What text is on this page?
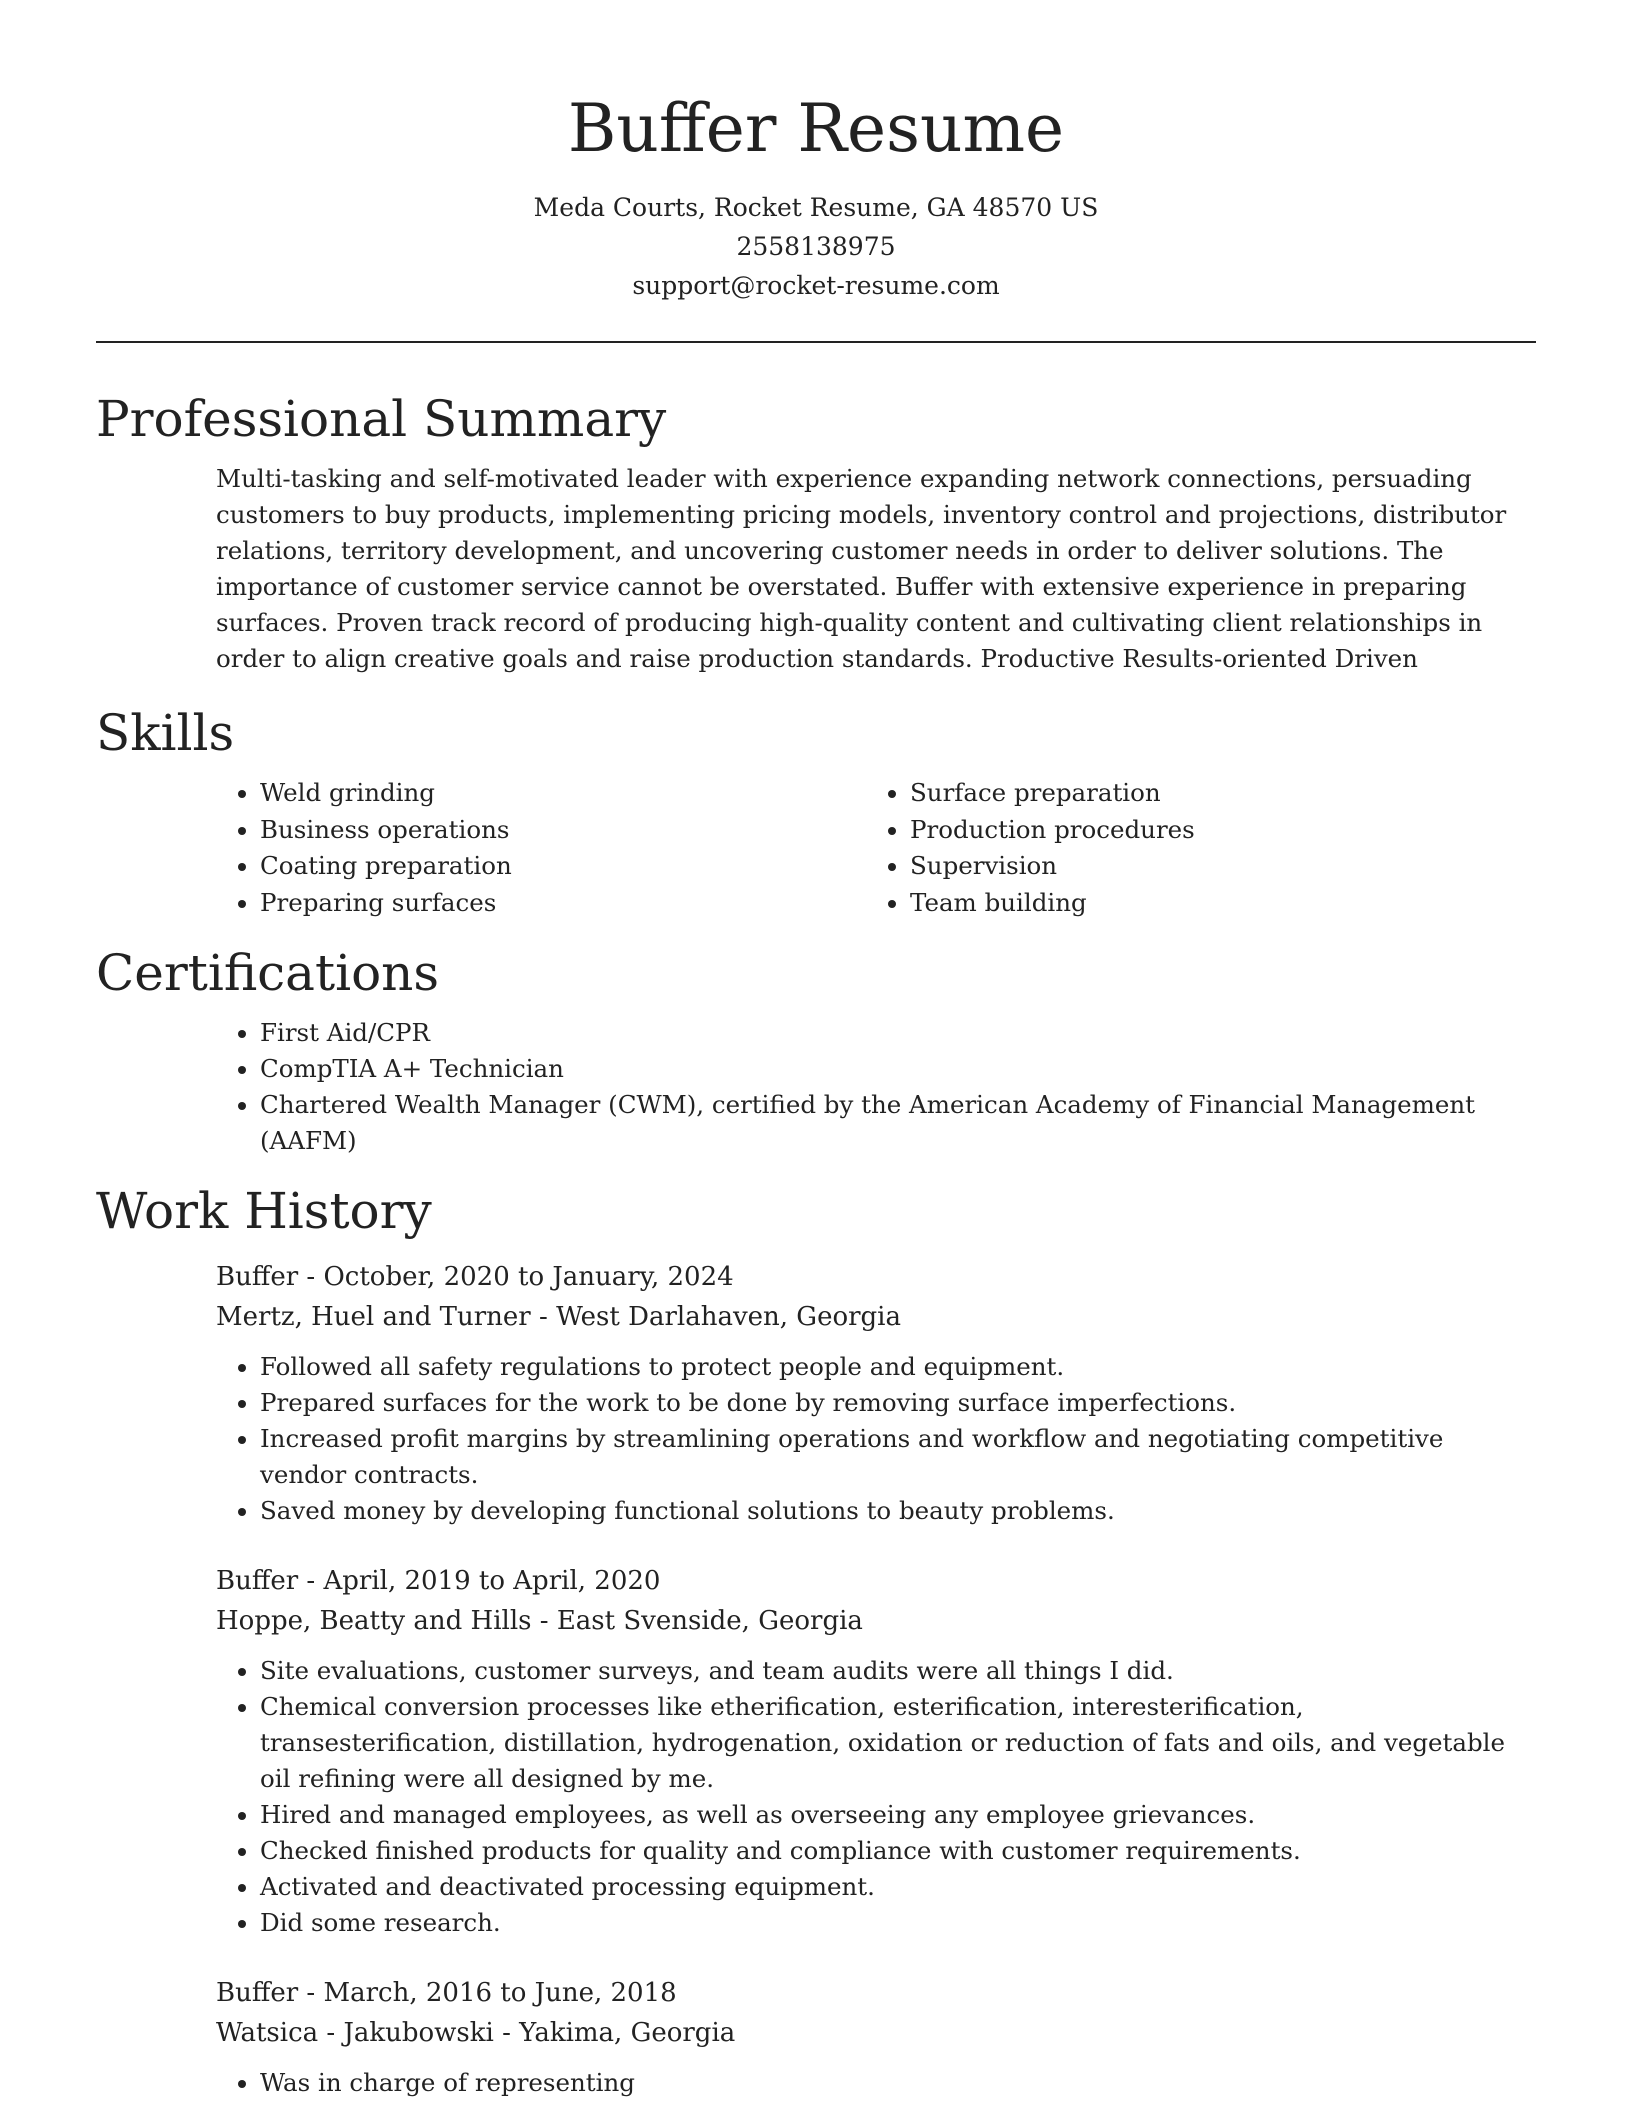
Buffer Resume
Meda Courts, Rocket Resume, GA 48570 US
2558138975
support@rocket-resume.com
Professional Summary

Multi-tasking and self-motivated leader with experience expanding network connections, persuading customers to buy products, implementing pricing models, inventory control and projections, distributor relations, territory development, and uncovering customer needs in order to deliver solutions. The importance of customer service cannot be overstated. Buffer with extensive experience in preparing surfaces. Proven track record of producing high-quality content and cultivating client relationships in order to align creative goals and raise production standards. Productive Results-oriented Driven

Skills
• Weld grinding
• Business operations
• Coating preparation
• Preparing surfaces
• Surface preparation
• Production procedures
• Supervision
• Team building
Certifications
• First Aid/CPR
• CompTIA A+ Technician
• Chartered Wealth Manager (CWM), certified by the American Academy of Financial Management (AAFM)
Work History
Buffer - October, 2020 to January, 2024
Mertz, Huel and Turner - West Darlahaven, Georgia
• Followed all safety regulations to protect people and equipment.
• Prepared surfaces for the work to be done by removing surface imperfections.
• Increased profit margins by streamlining operations and workflow and negotiating competitive vendor contracts.
• Saved money by developing functional solutions to beauty problems.
Buffer - April, 2019 to April, 2020
Hoppe, Beatty and Hills - East Svenside, Georgia
• Site evaluations, customer surveys, and team audits were all things I did.
• Chemical conversion processes like etherification, esterification, interesterification, transesterification, distillation, hydrogenation, oxidation or reduction of fats and oils, and vegetable oil refining were all designed by me.
• Hired and managed employees, as well as overseeing any employee grievances.
• Checked finished products for quality and compliance with customer requirements.
• Activated and deactivated processing equipment.
• Did some research.
Buffer - March, 2016 to June, 2018
Watsica - Jakubowski - Yakima, Georgia
• Was in charge of representing
